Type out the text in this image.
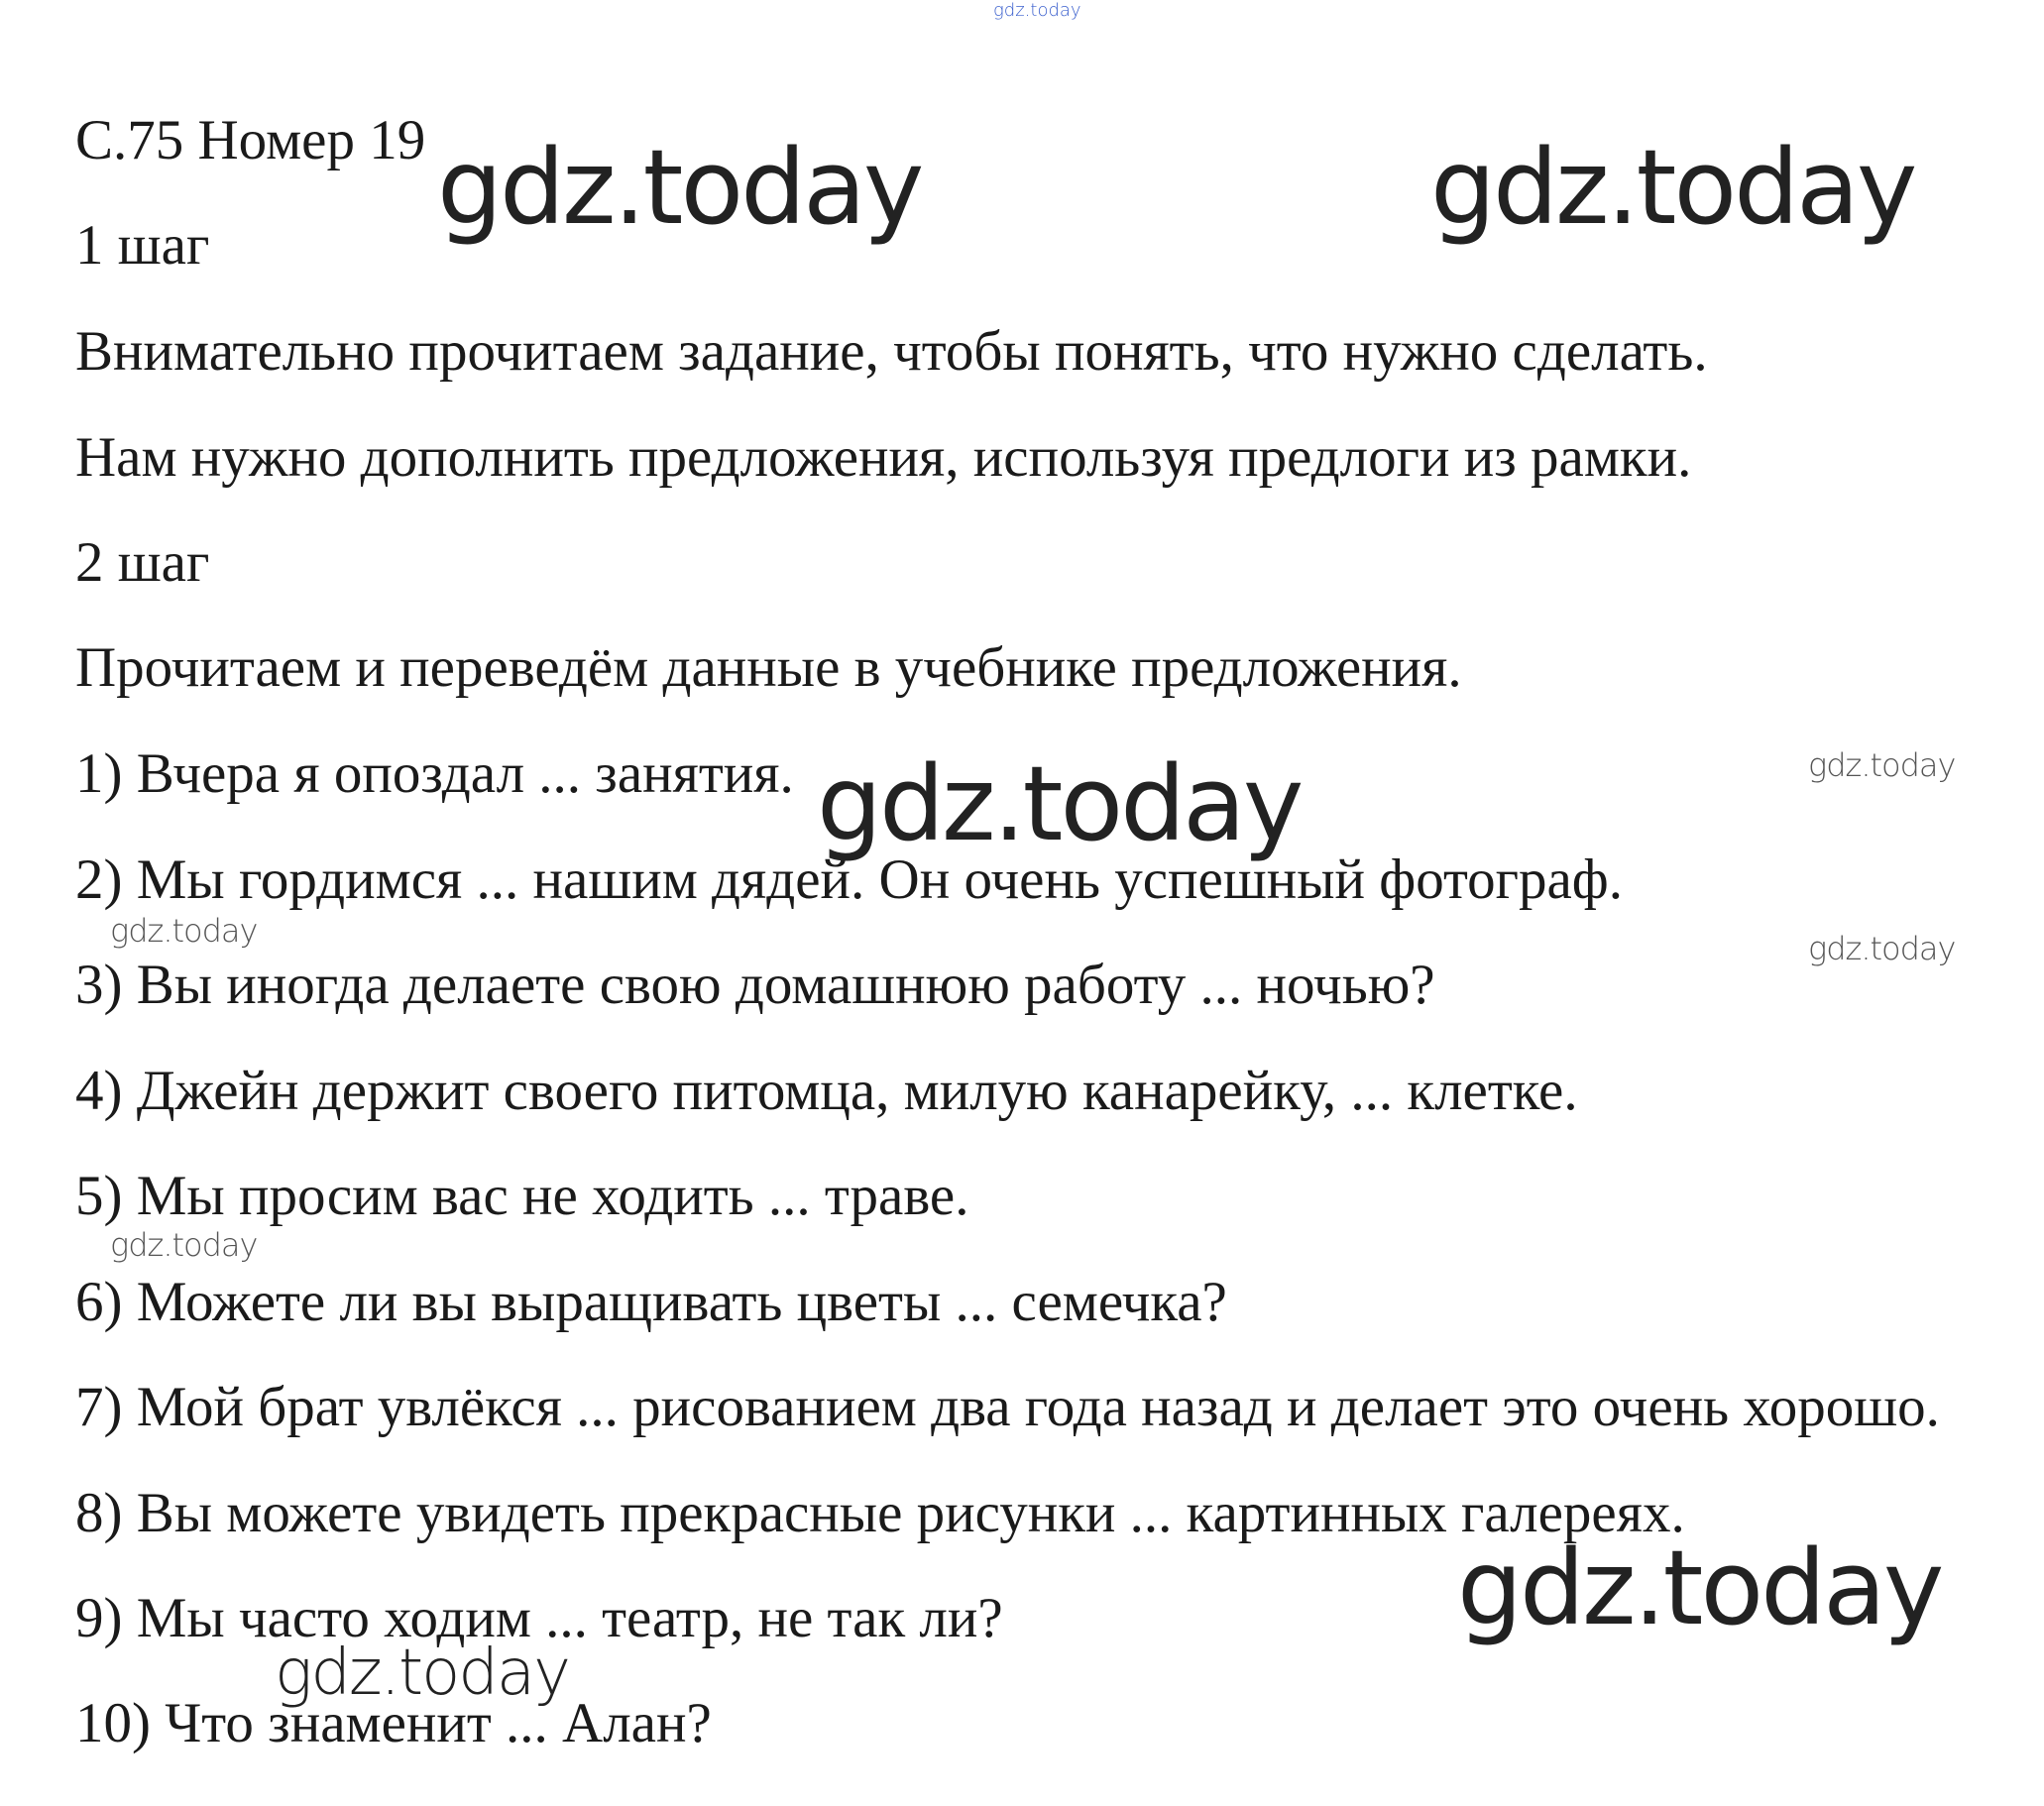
gdz.today
С.75 Номер 19
1 шаг
Внимательно прочитаем задание, чтобы понять, что нужно сделать.
Нам нужно дополнить предложения, используя предлоги из рамки.
2 шаг
Прочитаем и переведём данные в учебнике предложения.
1) Вчера я опоздал ... занятия.
2) Мы гордимся ... нашим дядей. Он очень успешный фотограф.
3) Вы иногда делаете свою домашнюю работу ... ночью?
4) Джейн держит своего питомца, милую канарейку, ... клетке.
5) Мы просим вас не ходить ... траве.
6) Можете ли вы выращивать цветы ... семечка?
7) Мой брат увлёкся ... рисованием два года назад и делает это очень хорошо.
8) Вы можете увидеть прекрасные рисунки ... картинных галереях.
9) Мы часто ходим ... театр, не так ли?
10) Что знаменит ... Алан?
gdz.today	gdz.today
gdz.today
gdz.today
gdz.today
gdz.today
gdz.today
gdz.today
gdz.today
